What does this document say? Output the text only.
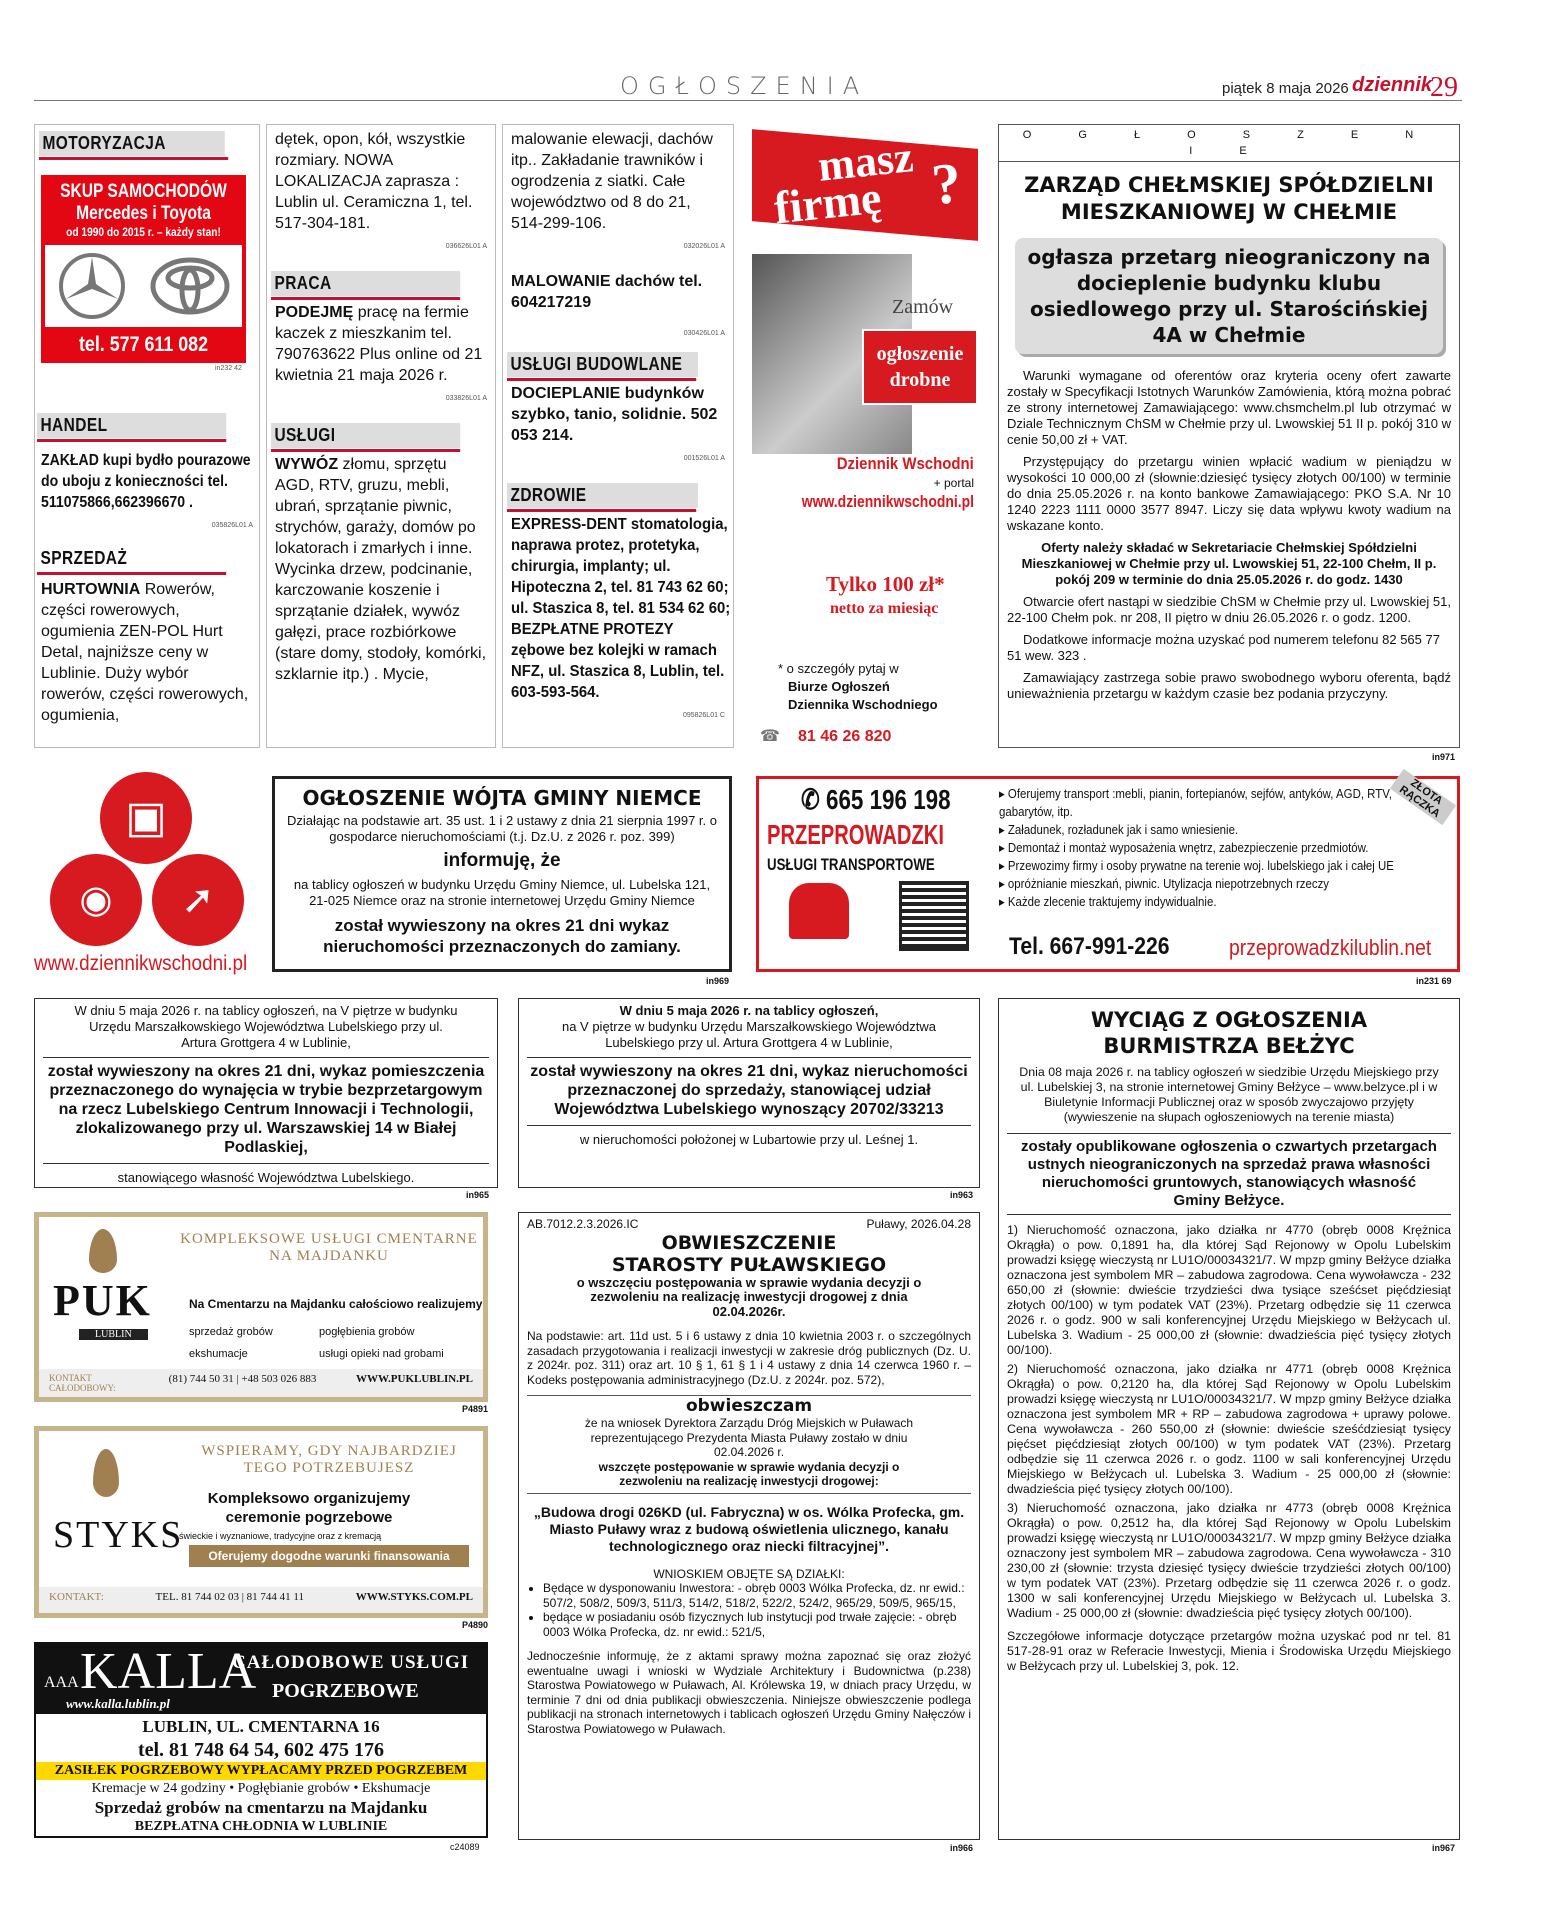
OGŁOSZENIA	piątek 8 maja 2026 dziennik
29
MOTORYZACJA
SKUP SAMOCHODÓW
Mercedes i Toyota
od 1990 do 2015 r. – każdy stan!
tel. 577 611 082
in232 42
HANDEL
ZAKŁAD kupi bydło pourazowe do uboju z konieczności tel. 511075866,662396670 .
035826L01 A
SPRZEDAŻ
HURTOWNIA Rowerów, części rowerowych, ogumienia ZEN-POL Hurt Detal, najniższe ceny w Lublinie. Duży wybór rowerów, części rowerowych, ogumienia,
dętek, opon, kół, wszystkie rozmiary. NOWA LOKALIZACJA zaprasza : Lublin ul. Ceramiczna 1, tel. 517-304-181.
036626L01 A
PRACA
PODEJMĘ pracę na fermie kaczek z mieszkanim tel. 790763622 Plus online od 21 kwietnia 21 maja 2026 r.
033826L01 A
USŁUGI
WYWÓZ złomu, sprzętu AGD, RTV, gruzu, mebli, ubrań, sprzątanie piwnic, strychów, garaży, domów po lokatorach i zmarłych i inne. Wycinka drzew, podcinanie, karczowanie koszenie i sprzątanie działek, wywóz gałęzi, prace rozbiórkowe (stare domy, stodoły, komórki, szklarnie itp.) . Mycie,
malowanie elewacji, dachów itp.. Zakładanie trawników i ogrodzenia z siatki. Całe województwo od 8 do 21, 514-299-106.
032026L01 A
MALOWANIE dachów tel. 604217219
030426L01 A
USŁUGI BUDOWLANE
DOCIEPLANIE budynków szybko, tanio, solidnie. 502 053 214.
001526L01 A
ZDROWIE
EXPRESS-DENT stomatologia, naprawa protez, protetyka, chirurgia, implanty; ul. Hipoteczna 2, tel. 81 743 62 60; ul. Staszica 8, tel. 81 534 62 60; BEZPŁATNE PROTEZY zębowe bez kolejki w ramach NFZ, ul. Staszica 8, Lublin, tel. 603-593-564.
095826L01 C
masz
firmę ?
Zamów
ogłoszenie
drobne
Dziennik Wschodni
+ portal
www.dziennikwschodni.pl
Tylko 100 zł*
netto za miesiąc
* o szczegóły pytaj w
Biurze Ogłoszeń
Dziennika Wschodniego
☎ 81 46 26 820
O G Ł O S Z E N I E
ZARZĄD CHEŁMSKIEJ SPÓŁDZIELNI
MIESZKANIOWEJ W CHEŁMIE
ogłasza przetarg nieograniczony na docieplenie budynku klubu osiedlowego przy ul. Starościńskiej 4A w Chełmie
Warunki wymagane od oferentów oraz kryteria oceny ofert zawarte zostały w Specyfikacji Istotnych Warunków Zamówienia, którą można pobrać ze strony internetowej Zamawiającego: www.chsmchelm.pl lub otrzymać w Dziale Technicznym ChSM w Chełmie przy ul. Lwowskiej 51 II p. pokój 310 w cenie 50,00 zł + VAT.
Przystępujący do przetargu winien wpłacić wadium w pieniądzu w wysokości 10 000,00 zł (słownie:dziesięć tysięcy złotych 00/100) w terminie do dnia 25.05.2026 r. na konto bankowe Zamawiającego: PKO S.A. Nr 10 1240 2223 1111 0000 3577 8947. Liczy się data wpływu kwoty wadium na wskazane konto.
Oferty należy składać w Sekretariacie Chełmskiej Spółdzielni Mieszkaniowej w Chełmie przy ul. Lwowskiej 51, 22-100 Chełm, II p. pokój 209 w terminie do dnia 25.05.2026 r. do godz. 1430
Otwarcie ofert nastąpi w siedzibie ChSM w Chełmie przy ul. Lwowskiej 51, 22-100 Chełm pok. nr 208, II piętro w dniu 26.05.2026 r. o godz. 1200.
Dodatkowe informacje można uzyskać pod numerem telefonu 82 565 77 51 wew. 323 .
Zamawiający zastrzega sobie prawo swobodnego wyboru oferenta, bądź unieważnienia przetargu w każdym czasie bez podania przyczyny.
in971
▣
◉	➚
www.dziennikwschodni.pl
OGŁOSZENIE WÓJTA GMINY NIEMCE
Działając na podstawie art. 35 ust. 1 i 2 ustawy z dnia 21 sierpnia 1997 r. o gospodarce nieruchomościami (t.j. Dz.U. z 2026 r. poz. 399)
informuję, że
na tablicy ogłoszeń w budynku Urzędu Gminy Niemce, ul. Lubelska 121, 21-025 Niemce oraz na stronie internetowej Urzędu Gminy Niemce
został wywieszony na okres 21 dni wykaz nieruchomości przeznaczonych do zamiany.
in969
✆ 665 196 198
PRZEPROWADZKI
USŁUGI TRANSPORTOWE
▸ Oferujemy transport :mebli, pianin, fortepianów, sejfów, antyków, AGD, RTV, gabarytów, itp.
▸ Załadunek, rozładunek jak i samo wniesienie.
▸ Demontaż i montaż wyposażenia wnętrz, zabezpieczenie przedmiotów.
▸ Przewozimy firmy i osoby prywatne na terenie woj. lubelskiego jak i całej UE
▸ opróżnianie mieszkań, piwnic. Utylizacja niepotrzebnych rzeczy
▸ Każde zlecenie traktujemy indywidualnie.
ZŁOTA RĄCZKA
Tel. 667-991-226	przeprowadzkilublin.net
in231 69
W dniu 5 maja 2026 r. na tablicy ogłoszeń, na V piętrze w budynku Urzędu Marszałkowskiego Województwa Lubelskiego przy ul. Artura Grottgera 4 w Lublinie,
został wywieszony na okres 21 dni, wykaz pomieszczenia przeznaczonego do wynajęcia w trybie bezprzetargowym na rzecz Lubelskiego Centrum Innowacji i Technologii, zlokalizowanego przy ul. Warszawskiej 14 w Białej Podlaskiej,
stanowiącego własność Województwa Lubelskiego.
in965
W dniu 5 maja 2026 r. na tablicy ogłoszeń,
na V piętrze w budynku Urzędu Marszałkowskiego Województwa Lubelskiego przy ul. Artura Grottgera 4 w Lublinie,
został wywieszony na okres 21 dni, wykaz nieruchomości przeznaczonej do sprzedaży, stanowiącej udział Województwa Lubelskiego wynoszący 20702/33213
w nieruchomości położonej w Lubartowie przy ul. Leśnej 1.
in963
WYCIĄG Z OGŁOSZENIA
BURMISTRZA BEŁŻYC
Dnia 08 maja 2026 r. na tablicy ogłoszeń w siedzibie Urzędu Miejskiego przy ul. Lubelskiej 3, na stronie internetowej Gminy Bełżyce – www.belzyce.pl i w Biuletynie Informacji Publicznej oraz w sposób zwyczajowo przyjęty (wywieszenie na słupach ogłoszeniowych na terenie miasta)
zostały opublikowane ogłoszenia o czwartych przetargach ustnych nieograniczonych na sprzedaż prawa własności nieruchomości gruntowych, stanowiących własność Gminy Bełżyce.
1) Nieruchomość oznaczona, jako działka nr 4770 (obręb 0008 Krężnica Okrągła) o pow. 0,1891 ha, dla której Sąd Rejonowy w Opolu Lubelskim prowadzi księgę wieczystą nr LU1O/00034321/7. W mpzp gminy Bełżyce działka oznaczona jest symbolem MR – zabudowa zagrodowa. Cena wywoławcza - 232 650,00 zł (słownie: dwieście trzydzieści dwa tysiące sześćset pięćdziesiąt złotych 00/100) w tym podatek VAT (23%). Przetarg odbędzie się 11 czerwca 2026 r. o godz. 900 w sali konferencyjnej Urzędu Miejskiego w Bełżycach ul. Lubelska 3. Wadium - 25 000,00 zł (słownie: dwadzieścia pięć tysięcy złotych 00/100).
2) Nieruchomość oznaczona, jako działka nr 4771 (obręb 0008 Krężnica Okrągła) o pow. 0,2120 ha, dla której Sąd Rejonowy w Opolu Lubelskim prowadzi księgę wieczystą nr LU1O/00034321/7. W mpzp gminy Bełżyce działka oznaczona jest symbolem MR + RP – zabudowa zagrodowa + uprawy polowe. Cena wywoławcza - 260 550,00 zł (słownie: dwieście sześćdziesiąt tysięcy pięćset pięćdziesiąt złotych 00/100) w tym podatek VAT (23%). Przetarg odbędzie się 11 czerwca 2026 r. o godz. 1100 w sali konferencyjnej Urzędu Miejskiego w Bełżycach ul. Lubelska 3. Wadium - 25 000,00 zł (słownie: dwadzieścia pięć tysięcy złotych 00/100).
3) Nieruchomość oznaczona, jako działka nr 4773 (obręb 0008 Krężnica Okrągła) o pow. 0,2512 ha, dla której Sąd Rejonowy w Opolu Lubelskim prowadzi księgę wieczystą nr LU1O/00034321/7. W mpzp gminy Bełżyce działka oznaczony jest symbolem MR – zabudowa zagrodowa. Cena wywoławcza - 310 230,00 zł (słownie: trzysta dziesięć tysięcy dwieście trzydzieści złotych 00/100) w tym podatek VAT (23%). Przetarg odbędzie się 11 czerwca 2026 r. o godz. 1300 w sali konferencyjnej Urzędu Miejskiego w Bełżycach ul. Lubelska 3. Wadium - 25 000,00 zł (słownie: dwadzieścia pięć tysięcy złotych 00/100).
Szczegółowe informacje dotyczące przetargów można uzyskać pod nr tel. 81 517-28-91 oraz w Referacie Inwestycji, Mienia i Środowiska Urzędu Miejskiego w Bełżycach przy ul. Lubelskiej 3, pok. 12.
in967
KOMPLEKSOWE USŁUGI CMENTARNE
NA MAJDANKU
PUK
LUBLIN
Na Cmentarzu na Majdanku całościowo realizujemy
sprzedaż grobów	pogłębienia grobów
ekshumacje	usługi opieki nad grobami
KONTAKT CAŁODOBOWY:
(81) 744 50 31 | +48 503 026 883	WWW.PUKLUBLIN.PL
P4891
WSPIERAMY, GDY NAJBARDZIEJ
TEGO POTRZEBUJESZ
STYKS
Kompleksowo organizujemy
ceremonie pogrzebowe
świeckie i wyznaniowe, tradycyjne oraz z kremacją
Oferujemy dogodne warunki finansowania
KONTAKT:	TEL. 81 744 02 03 | 81 744 41 11	WWW.STYKS.COM.PL
P4890
AAA KALLA
www.kalla.lublin.pl
CAŁODOBOWE USŁUGI
POGRZEBOWE
LUBLIN, UL. CMENTARNA 16
tel. 81 748 64 54, 602 475 176
ZASIŁEK POGRZEBOWY WYPŁACAMY PRZED POGRZEBEM
Kremacje w 24 godziny • Pogłębianie grobów • Ekshumacje
Sprzedaż grobów na cmentarzu na Majdanku
BEZPŁATNA CHŁODNIA W LUBLINIE
c24089
AB.7012.2.3.2026.IC	Puławy, 2026.04.28
OBWIESZCZENIE
STAROSTY PUŁAWSKIEGO
o wszczęciu postępowania w sprawie wydania decyzji o zezwoleniu na realizację inwestycji drogowej z dnia 02.04.2026r.
Na podstawie: art. 11d ust. 5 i 6 ustawy z dnia 10 kwietnia 2003 r. o szczególnych zasadach przygotowania i realizacji inwestycji w zakresie dróg publicznych (Dz. U. z 2024r. poz. 311) oraz art. 10 § 1, 61 § 1 i 4 ustawy z dnia 14 czerwca 1960 r. – Kodeks postępowania administracyjnego (Dz.U. z 2024r. poz. 572),
obwieszczam
że na wniosek Dyrektora Zarządu Dróg Miejskich w Puławach reprezentującego Prezydenta Miasta Puławy zostało w dniu 02.04.2026 r.
wszczęte postępowanie w sprawie wydania decyzji o zezwoleniu na realizację inwestycji drogowej:
„Budowa drogi 026KD (ul. Fabryczna) w os. Wólka Profecka, gm. Miasto Puławy wraz z budową oświetlenia ulicznego, kanału technologicznego oraz niecki filtracyjnej”.
WNIOSKIEM OBJĘTE SĄ DZIAŁKI:
• Będące w dysponowaniu Inwestora: - obręb 0003 Wólka Profecka, dz. nr ewid.: 507/2, 508/2, 509/3, 511/3, 514/2, 518/2, 522/2, 524/2, 965/29, 509/5, 965/15,
• będące w posiadaniu osób fizycznych lub instytucji pod trwałe zajęcie: - obręb 0003 Wólka Profecka, dz. nr ewid.: 521/5,
Jednocześnie informuję, że z aktami sprawy można zapoznać się oraz złożyć ewentualne uwagi i wnioski w Wydziale Architektury i Budownictwa (p.238) Starostwa Powiatowego w Puławach, Al. Królewska 19, w dniach pracy Urzędu, w terminie 7 dni od dnia publikacji obwieszczenia. Niniejsze obwieszczenie podlega publikacji na stronach internetowych i tablicach ogłoszeń Urzędu Gminy Nałęczów i Starostwa Powiatowego w Puławach.
in966
